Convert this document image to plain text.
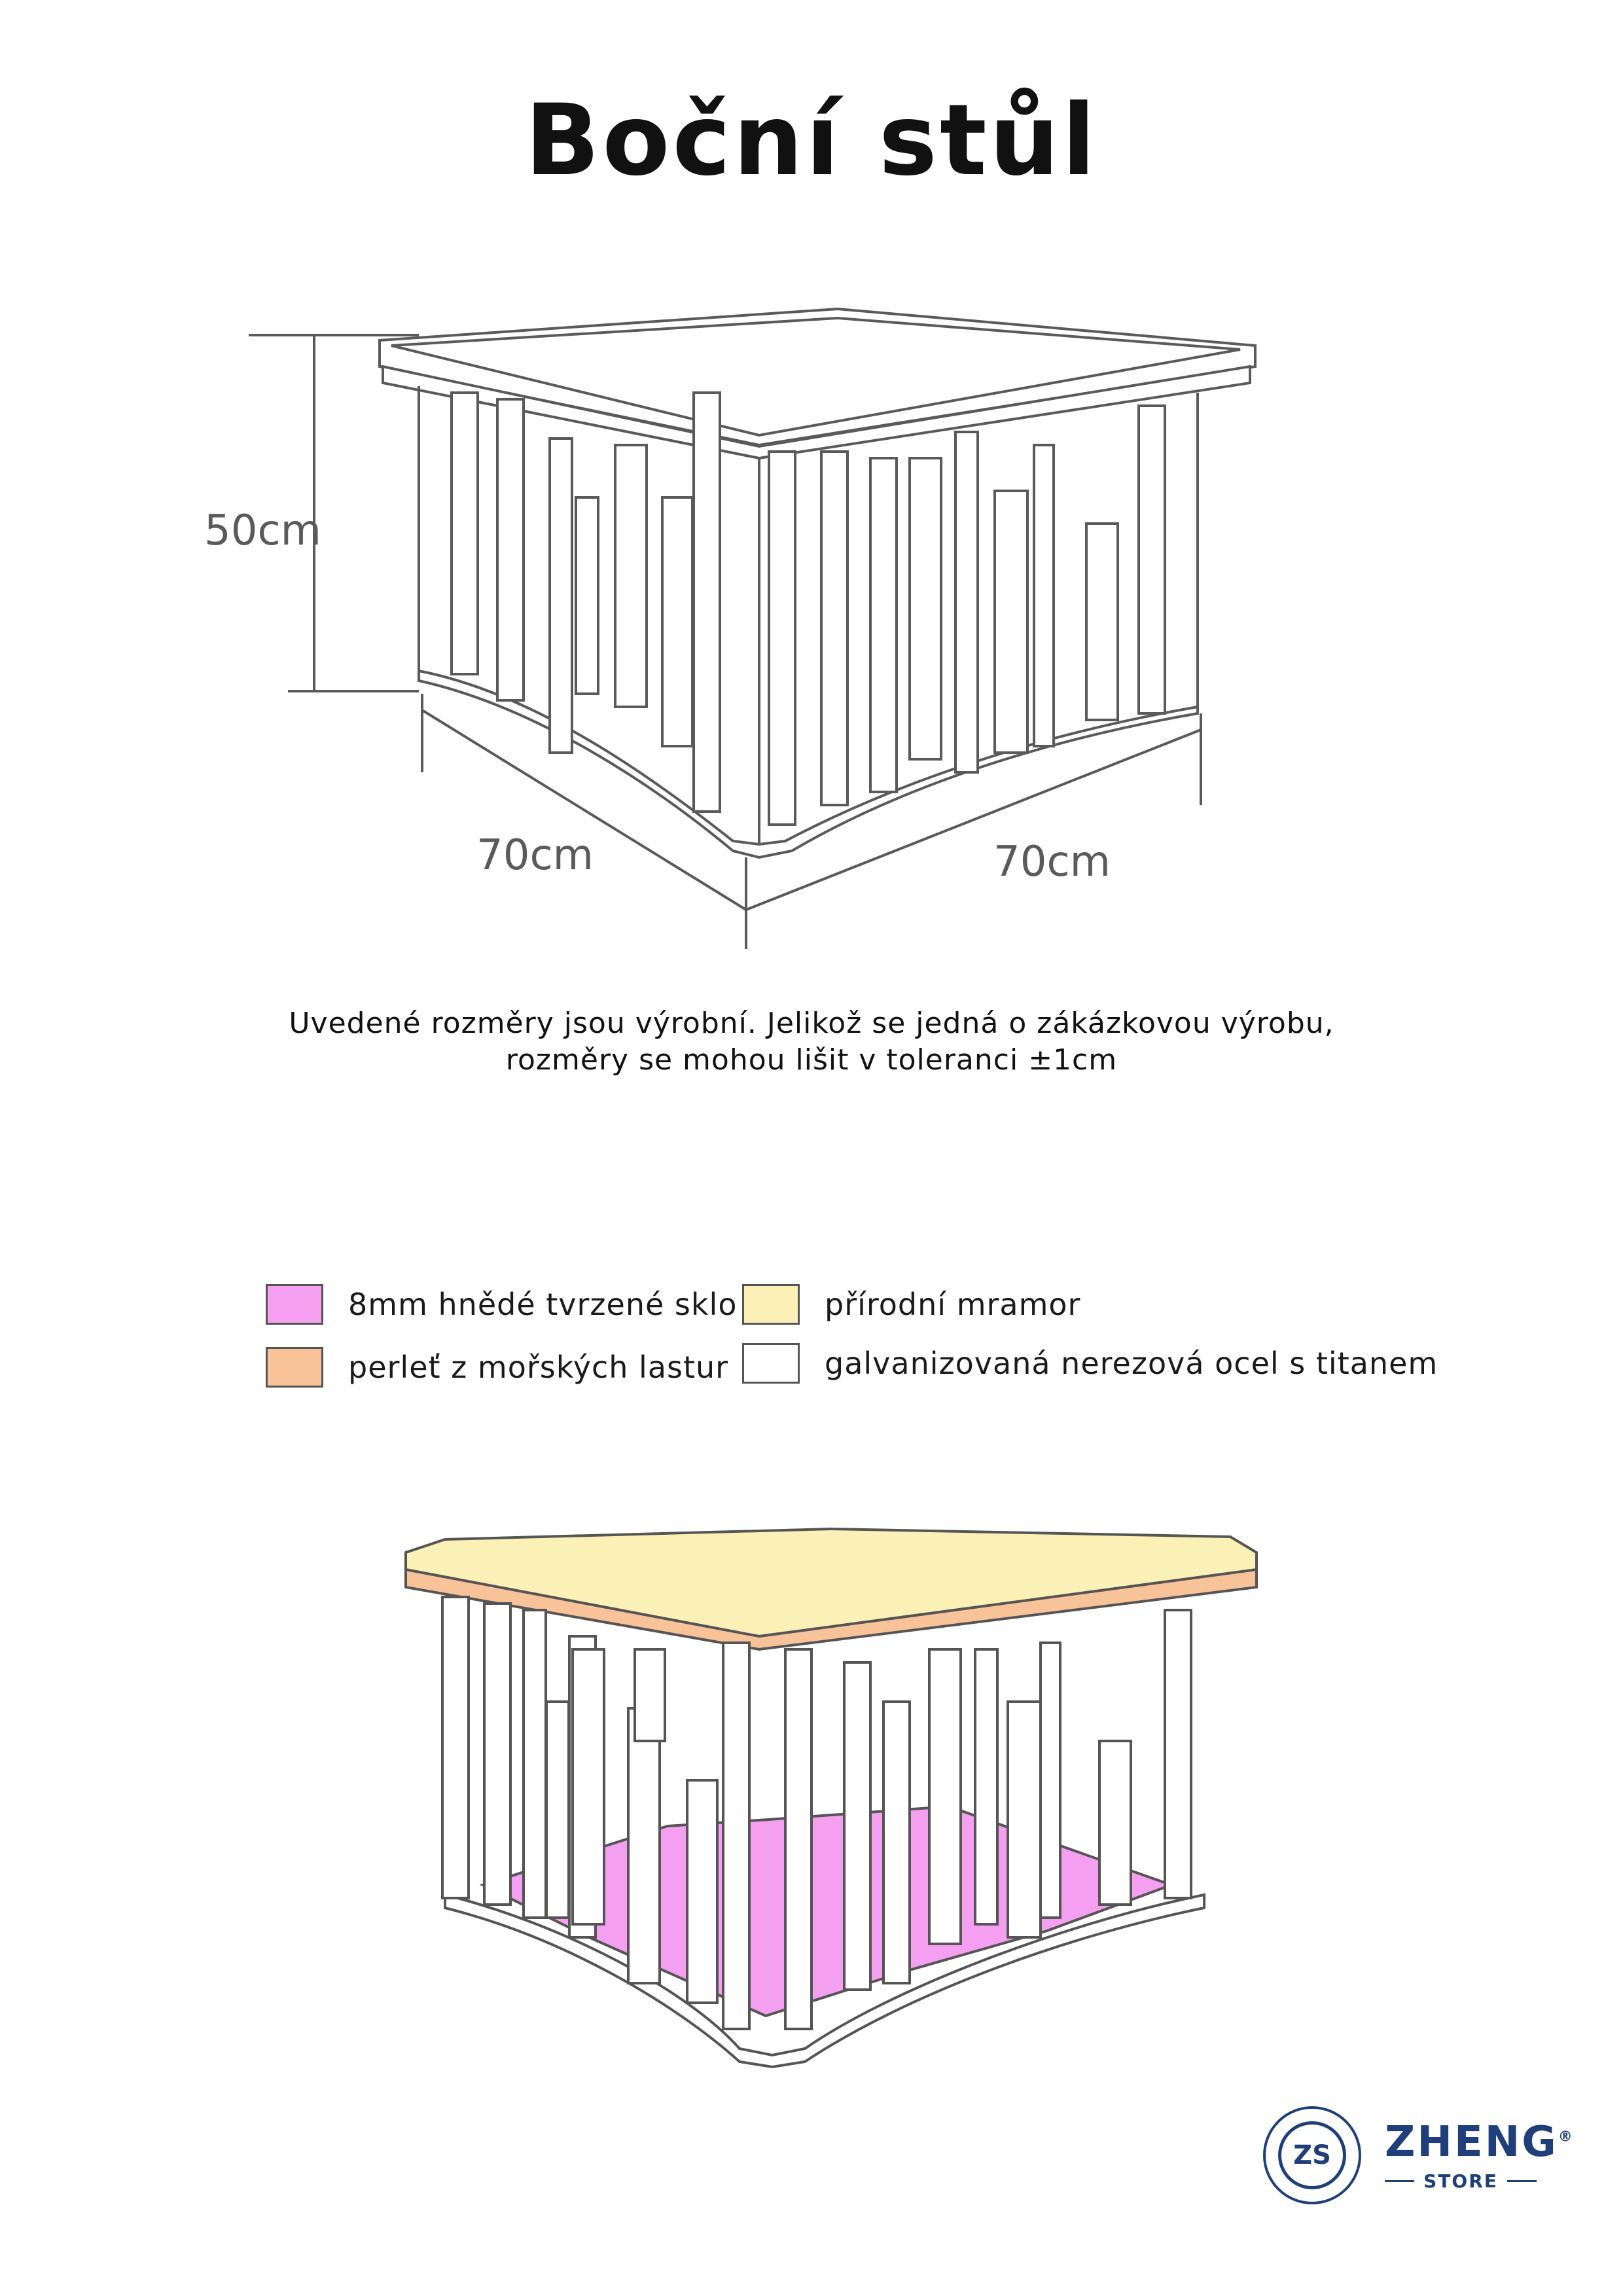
Boční stůl
50cm
70cm	70cm
Uvedené rozměry jsou výrobní. Jelikož se jedná o zákázkovou výrobu,
rozměry se mohou lišit v toleranci ±1cm
8mm hnědé tvrzené sklo
perleť z mořských lastur
přírodní mramor
galvanizovaná nerezová ocel s titanem
ZS ZHENG®
STORE
